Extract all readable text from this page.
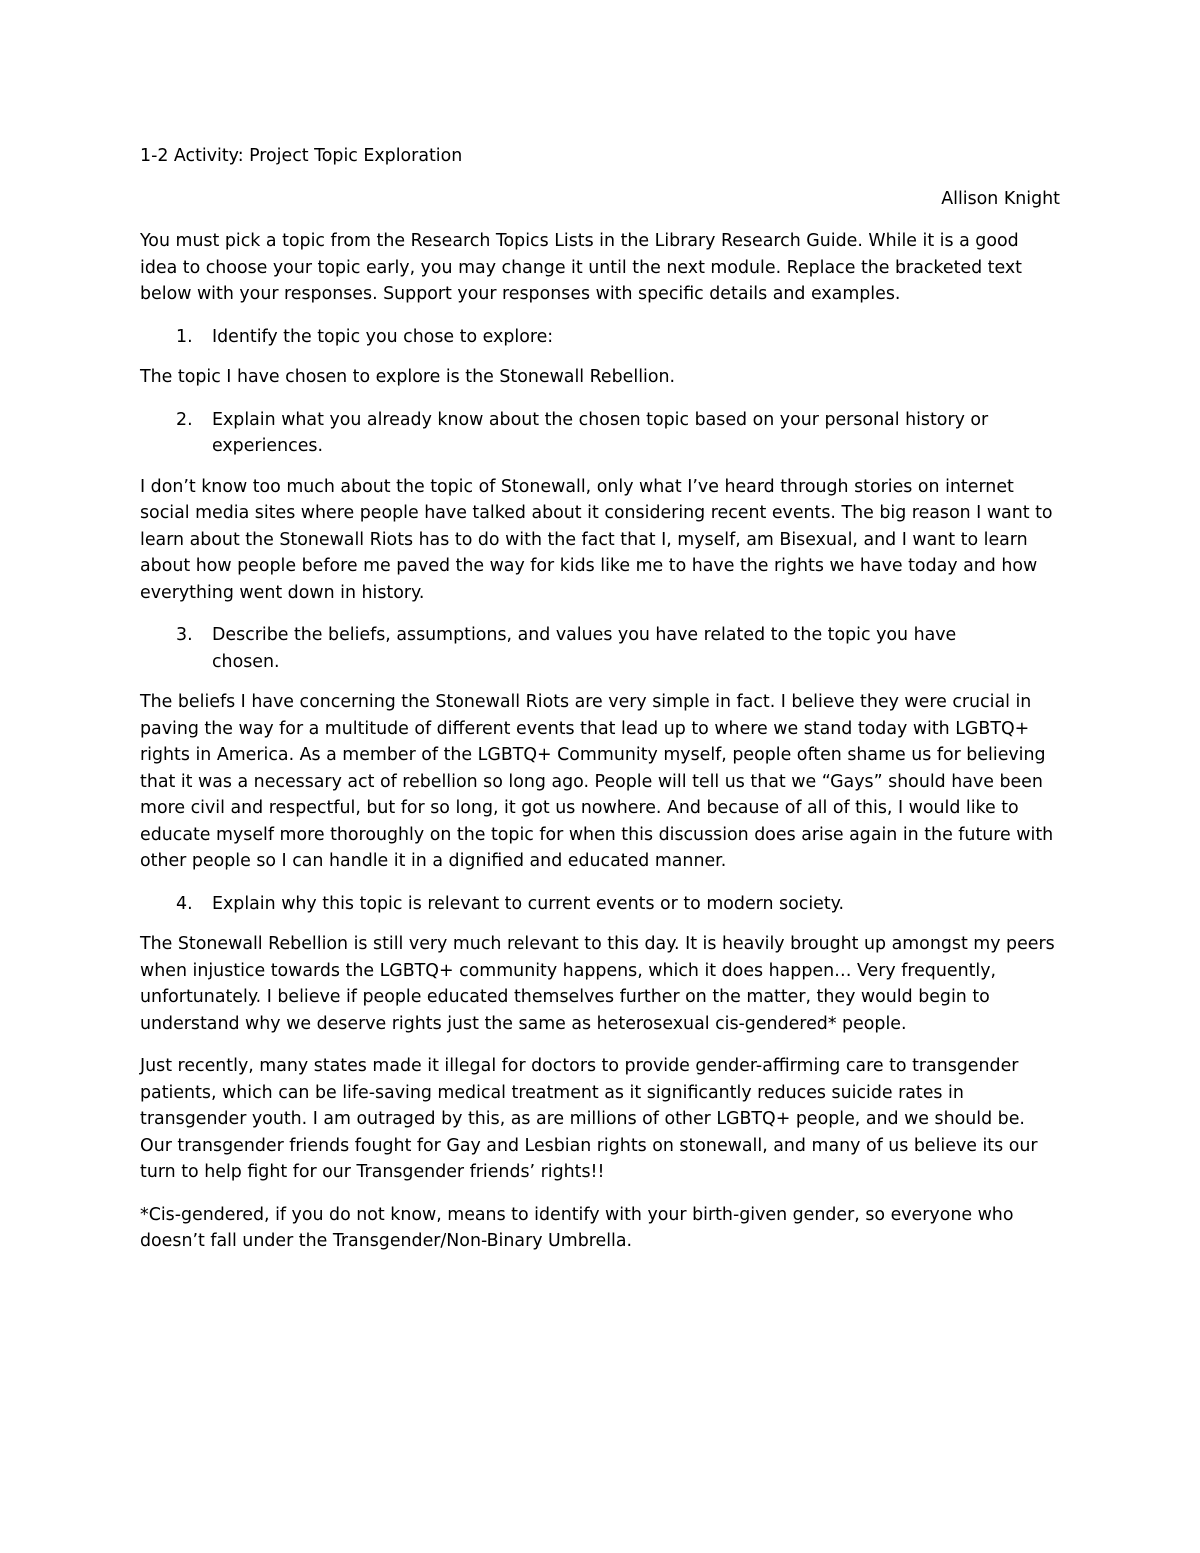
1-2 Activity: Project Topic Exploration

Allison Knight

You must pick a topic from the Research Topics Lists in the Library Research Guide. While it is a good idea to choose your topic early, you may change it until the next module. Replace the bracketed text below with your responses. Support your responses with specific details and examples.

1.	Identify the topic you chose to explore:

The topic I have chosen to explore is the Stonewall Rebellion.

2.	Explain what you already know about the chosen topic based on your personal history or experiences.

I don’t know too much about the topic of Stonewall, only what I’ve heard through stories on internet social media sites where people have talked about it considering recent events. The big reason I want to learn about the Stonewall Riots has to do with the fact that I, myself, am Bisexual, and I want to learn about how people before me paved the way for kids like me to have the rights we have today and how everything went down in history.

3.	Describe the beliefs, assumptions, and values you have related to the topic you have chosen.

The beliefs I have concerning the Stonewall Riots are very simple in fact. I believe they were crucial in paving the way for a multitude of different events that lead up to where we stand today with LGBTQ+ rights in America. As a member of the LGBTQ+ Community myself, people often shame us for believing that it was a necessary act of rebellion so long ago. People will tell us that we “Gays” should have been more civil and respectful, but for so long, it got us nowhere. And because of all of this, I would like to educate myself more thoroughly on the topic for when this discussion does arise again in the future with other people so I can handle it in a dignified and educated manner.

4.	Explain why this topic is relevant to current events or to modern society.

The Stonewall Rebellion is still very much relevant to this day. It is heavily brought up amongst my peers when injustice towards the LGBTQ+ community happens, which it does happen… Very frequently, unfortunately. I believe if people educated themselves further on the matter, they would begin to understand why we deserve rights just the same as heterosexual cis-gendered* people.

Just recently, many states made it illegal for doctors to provide gender-affirming care to transgender patients, which can be life-saving medical treatment as it significantly reduces suicide rates in transgender youth. I am outraged by this, as are millions of other LGBTQ+ people, and we should be. Our transgender friends fought for Gay and Lesbian rights on stonewall, and many of us believe its our turn to help fight for our Transgender friends’ rights!!

*Cis-gendered, if you do not know, means to identify with your birth-given gender, so everyone who doesn’t fall under the Transgender/Non-Binary Umbrella.
